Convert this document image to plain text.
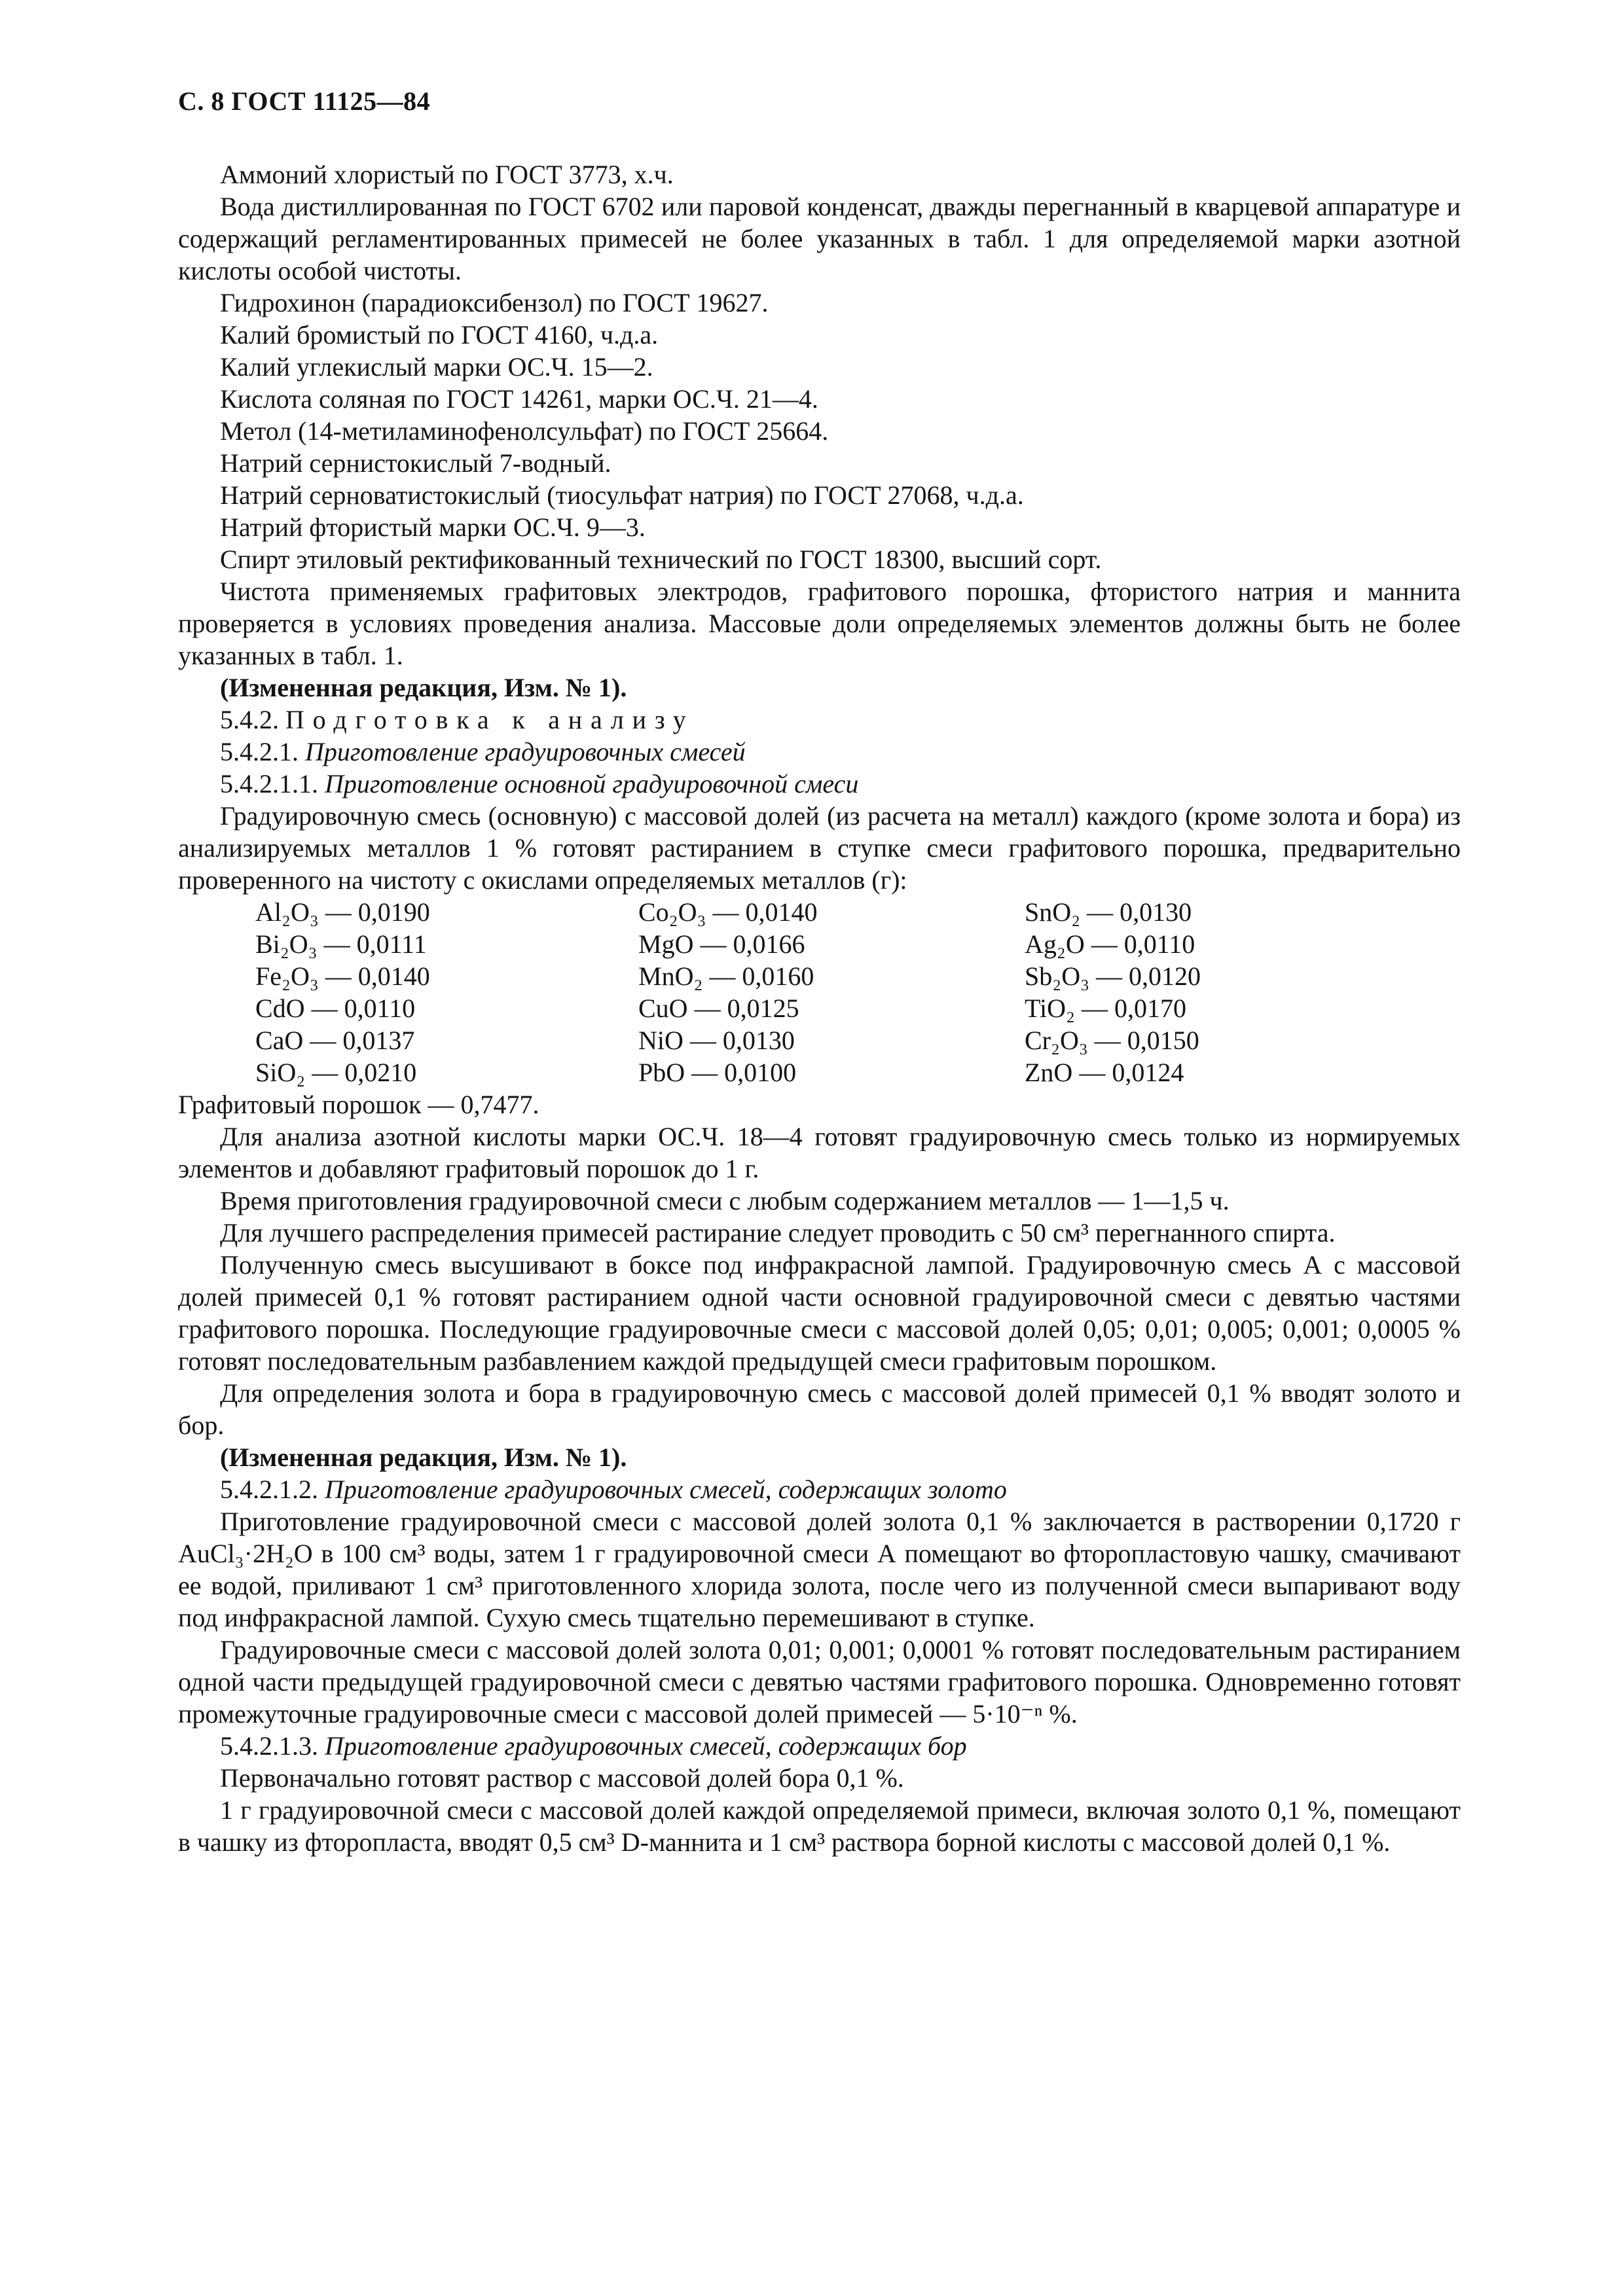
С. 8 ГОСТ 11125—84

Аммоний хлористый по ГОСТ 3773, х.ч.

Вода дистиллированная по ГОСТ 6702 или паровой конденсат, дважды перегнанный в кварцевой аппаратуре и содержащий регламентированных примесей не более указанных в табл. 1 для определяемой марки азотной кислоты особой чистоты.

Гидрохинон (парадиоксибензол) по ГОСТ 19627.

Калий бромистый по ГОСТ 4160, ч.д.а.

Калий углекислый марки ОС.Ч. 15—2.

Кислота соляная по ГОСТ 14261, марки ОС.Ч. 21—4.

Метол (14-метиламинофенолсульфат) по ГОСТ 25664.

Натрий сернистокислый 7-водный.

Натрий серноватистокислый (тиосульфат натрия) по ГОСТ 27068, ч.д.а.

Натрий фтористый марки ОС.Ч. 9—3.

Спирт этиловый ректификованный технический по ГОСТ 18300, высший сорт.

Чистота применяемых графитовых электродов, графитового порошка, фтористого натрия и маннита проверяется в условиях проведения анализа. Массовые доли определяемых элементов должны быть не более указанных в табл. 1.

(Измененная редакция, Изм. № 1).

5.4.2. Подготовка к анализу

5.4.2.1. Приготовление градуировочных смесей

5.4.2.1.1. Приготовление основной градуировочной смеси

Градуировочную смесь (основную) с массовой долей (из расчета на металл) каждого (кроме золота и бора) из анализируемых металлов 1 % готовят растиранием в ступке смеси графитового порошка, предварительно проверенного на чистоту с окислами определяемых металлов (г):

Al₂O₃ — 0,0190
Bi₂O₃ — 0,0111
Fe₂O₃ — 0,0140
CdO — 0,0110
CaO — 0,0137
SiO₂ — 0,0210
Co₂O₃ — 0,0140
MgO — 0,0166
MnO₂ — 0,0160
CuO — 0,0125
NiO — 0,0130
PbO — 0,0100
SnO₂ — 0,0130
Ag₂O — 0,0110
Sb₂O₃ — 0,0120
TiO₂ — 0,0170
Cr₂O₃ — 0,0150
ZnO — 0,0124

Графитовый порошок — 0,7477.

Для анализа азотной кислоты марки ОС.Ч. 18—4 готовят градуировочную смесь только из нормируемых элементов и добавляют графитовый порошок до 1 г.

Время приготовления градуировочной смеси с любым содержанием металлов — 1—1,5 ч.

Для лучшего распределения примесей растирание следует проводить с 50 см³ перегнанного спирта.

Полученную смесь высушивают в боксе под инфракрасной лампой. Градуировочную смесь А с массовой долей примесей 0,1 % готовят растиранием одной части основной градуировочной смеси с девятью частями графитового порошка. Последующие градуировочные смеси с массовой долей 0,05; 0,01; 0,005; 0,001; 0,0005 % готовят последовательным разбавлением каждой предыдущей смеси графитовым порошком.

Для определения золота и бора в градуировочную смесь с массовой долей примесей 0,1 % вводят золото и бор.

(Измененная редакция, Изм. № 1).

5.4.2.1.2. Приготовление градуировочных смесей, содержащих золото

Приготовление градуировочной смеси с массовой долей золота 0,1 % заключается в растворении 0,1720 г AuCl₃·2H₂O в 100 см³ воды, затем 1 г градуировочной смеси А помещают во фторопластовую чашку, смачивают ее водой, приливают 1 см³ приготовленного хлорида золота, после чего из полученной смеси выпаривают воду под инфракрасной лампой. Сухую смесь тщательно перемешивают в ступке.

Градуировочные смеси с массовой долей золота 0,01; 0,001; 0,0001 % готовят последовательным растиранием одной части предыдущей градуировочной смеси с девятью частями графитового порошка. Одновременно готовят промежуточные градуировочные смеси с массовой долей примесей — 5·10⁻ⁿ %.

5.4.2.1.3. Приготовление градуировочных смесей, содержащих бор

Первоначально готовят раствор с массовой долей бора 0,1 %.

1 г градуировочной смеси с массовой долей каждой определяемой примеси, включая золото 0,1 %, помещают в чашку из фторопласта, вводят 0,5 см³ D-маннита и 1 см³ раствора борной кислоты с массовой долей 0,1 %.
